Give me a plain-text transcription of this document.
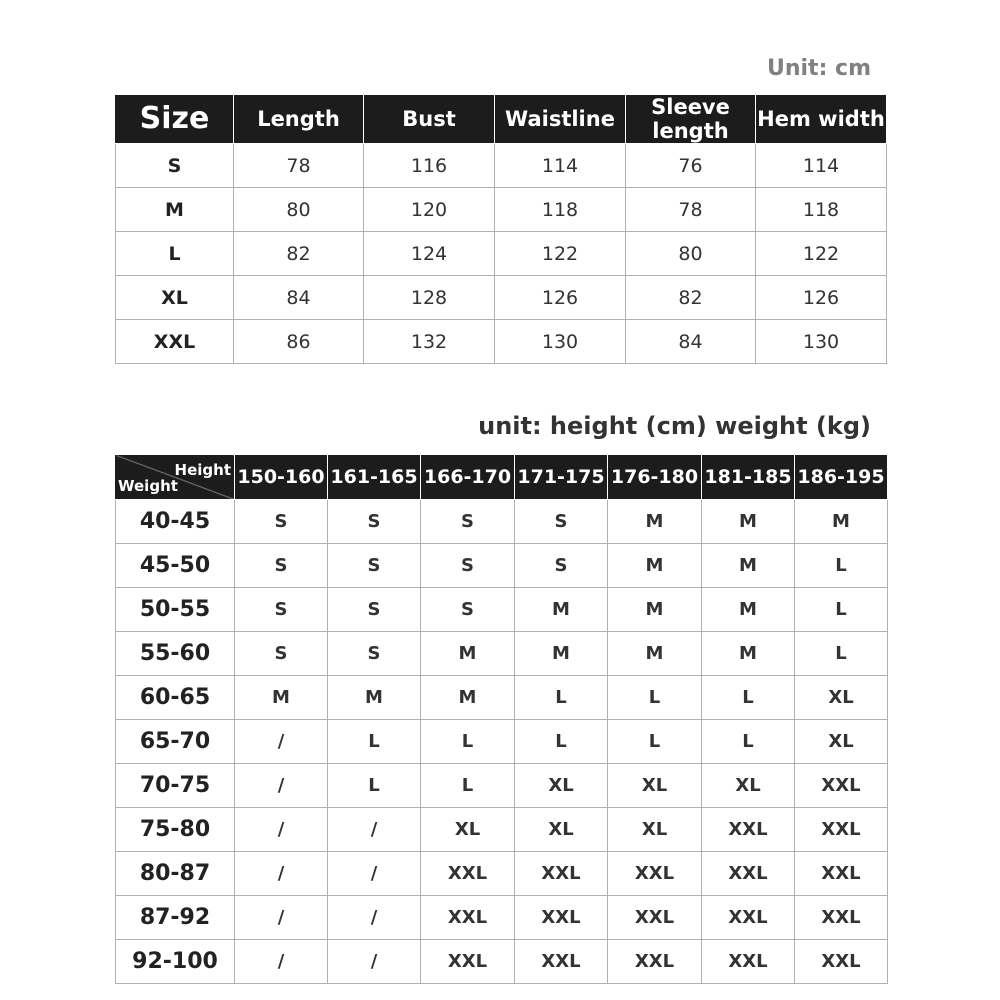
Unit: cm
Size	Length	Bust	Waistline	Sleeve length	Hem width
S	78	116	114	76	114
M	80	120	118	78	118
L	82	124	122	80	122
XL	84	128	126	82	126
XXL	86	132	130	84	130
unit: height (cm) weight (kg)
Height
Weight	150-160	161-165	166-170	171-175	176-180	181-185	186-195
40-45	S	S	S	S	M	M	M
45-50	S	S	S	S	M	M	L
50-55	S	S	S	M	M	M	L
55-60	S	S	M	M	M	M	L
60-65	M	M	M	L	L	L	XL
65-70	/	L	L	L	L	L	XL
70-75	/	L	L	XL	XL	XL	XXL
75-80	/	/	XL	XL	XL	XXL	XXL
80-87	/	/	XXL	XXL	XXL	XXL	XXL
87-92	/	/	XXL	XXL	XXL	XXL	XXL
92-100	/	/	XXL	XXL	XXL	XXL	XXL
